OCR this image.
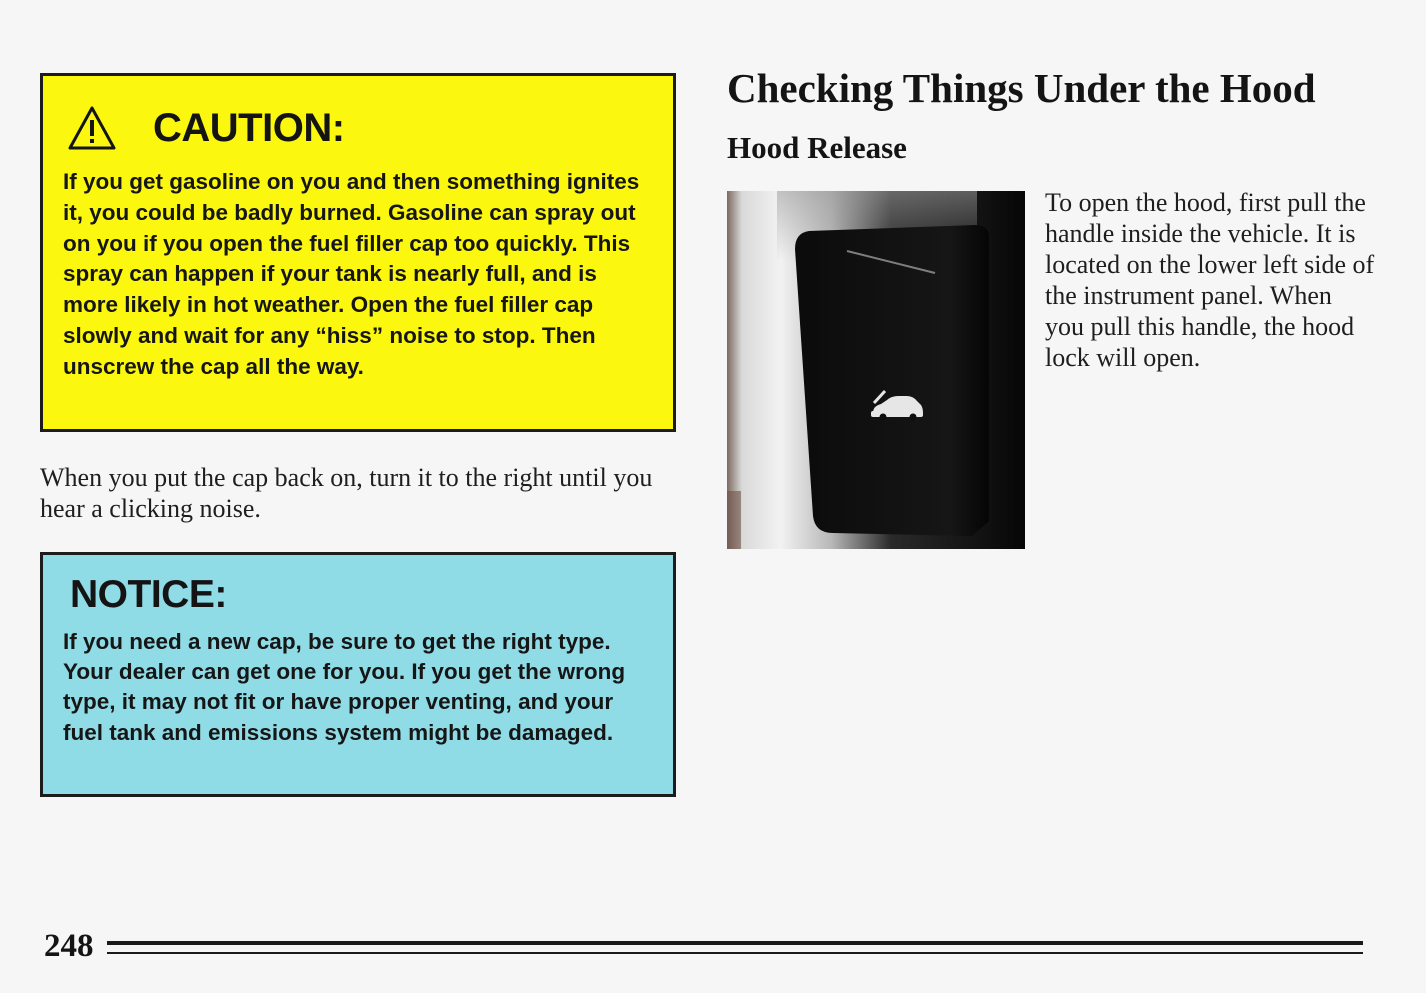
CAUTION:

If you get gasoline on you and then something ignites it, you could be badly burned. Gasoline can spray out on you if you open the fuel filler cap too quickly. This spray can happen if your tank is nearly full, and is more likely in hot weather. Open the fuel filler cap slowly and wait for any “hiss” noise to stop. Then unscrew the cap all the way.

When you put the cap back on, turn it to the right until you hear a clicking noise.

NOTICE:

If you need a new cap, be sure to get the right type. Your dealer can get one for you. If you get the wrong type, it may not fit or have proper venting, and your fuel tank and emissions system might be damaged.

Checking Things Under the Hood
Hood Release

To open the hood, first pull the handle inside the vehicle. It is located on the lower left side of the instrument panel. When you pull this handle, the hood lock will open.

248
